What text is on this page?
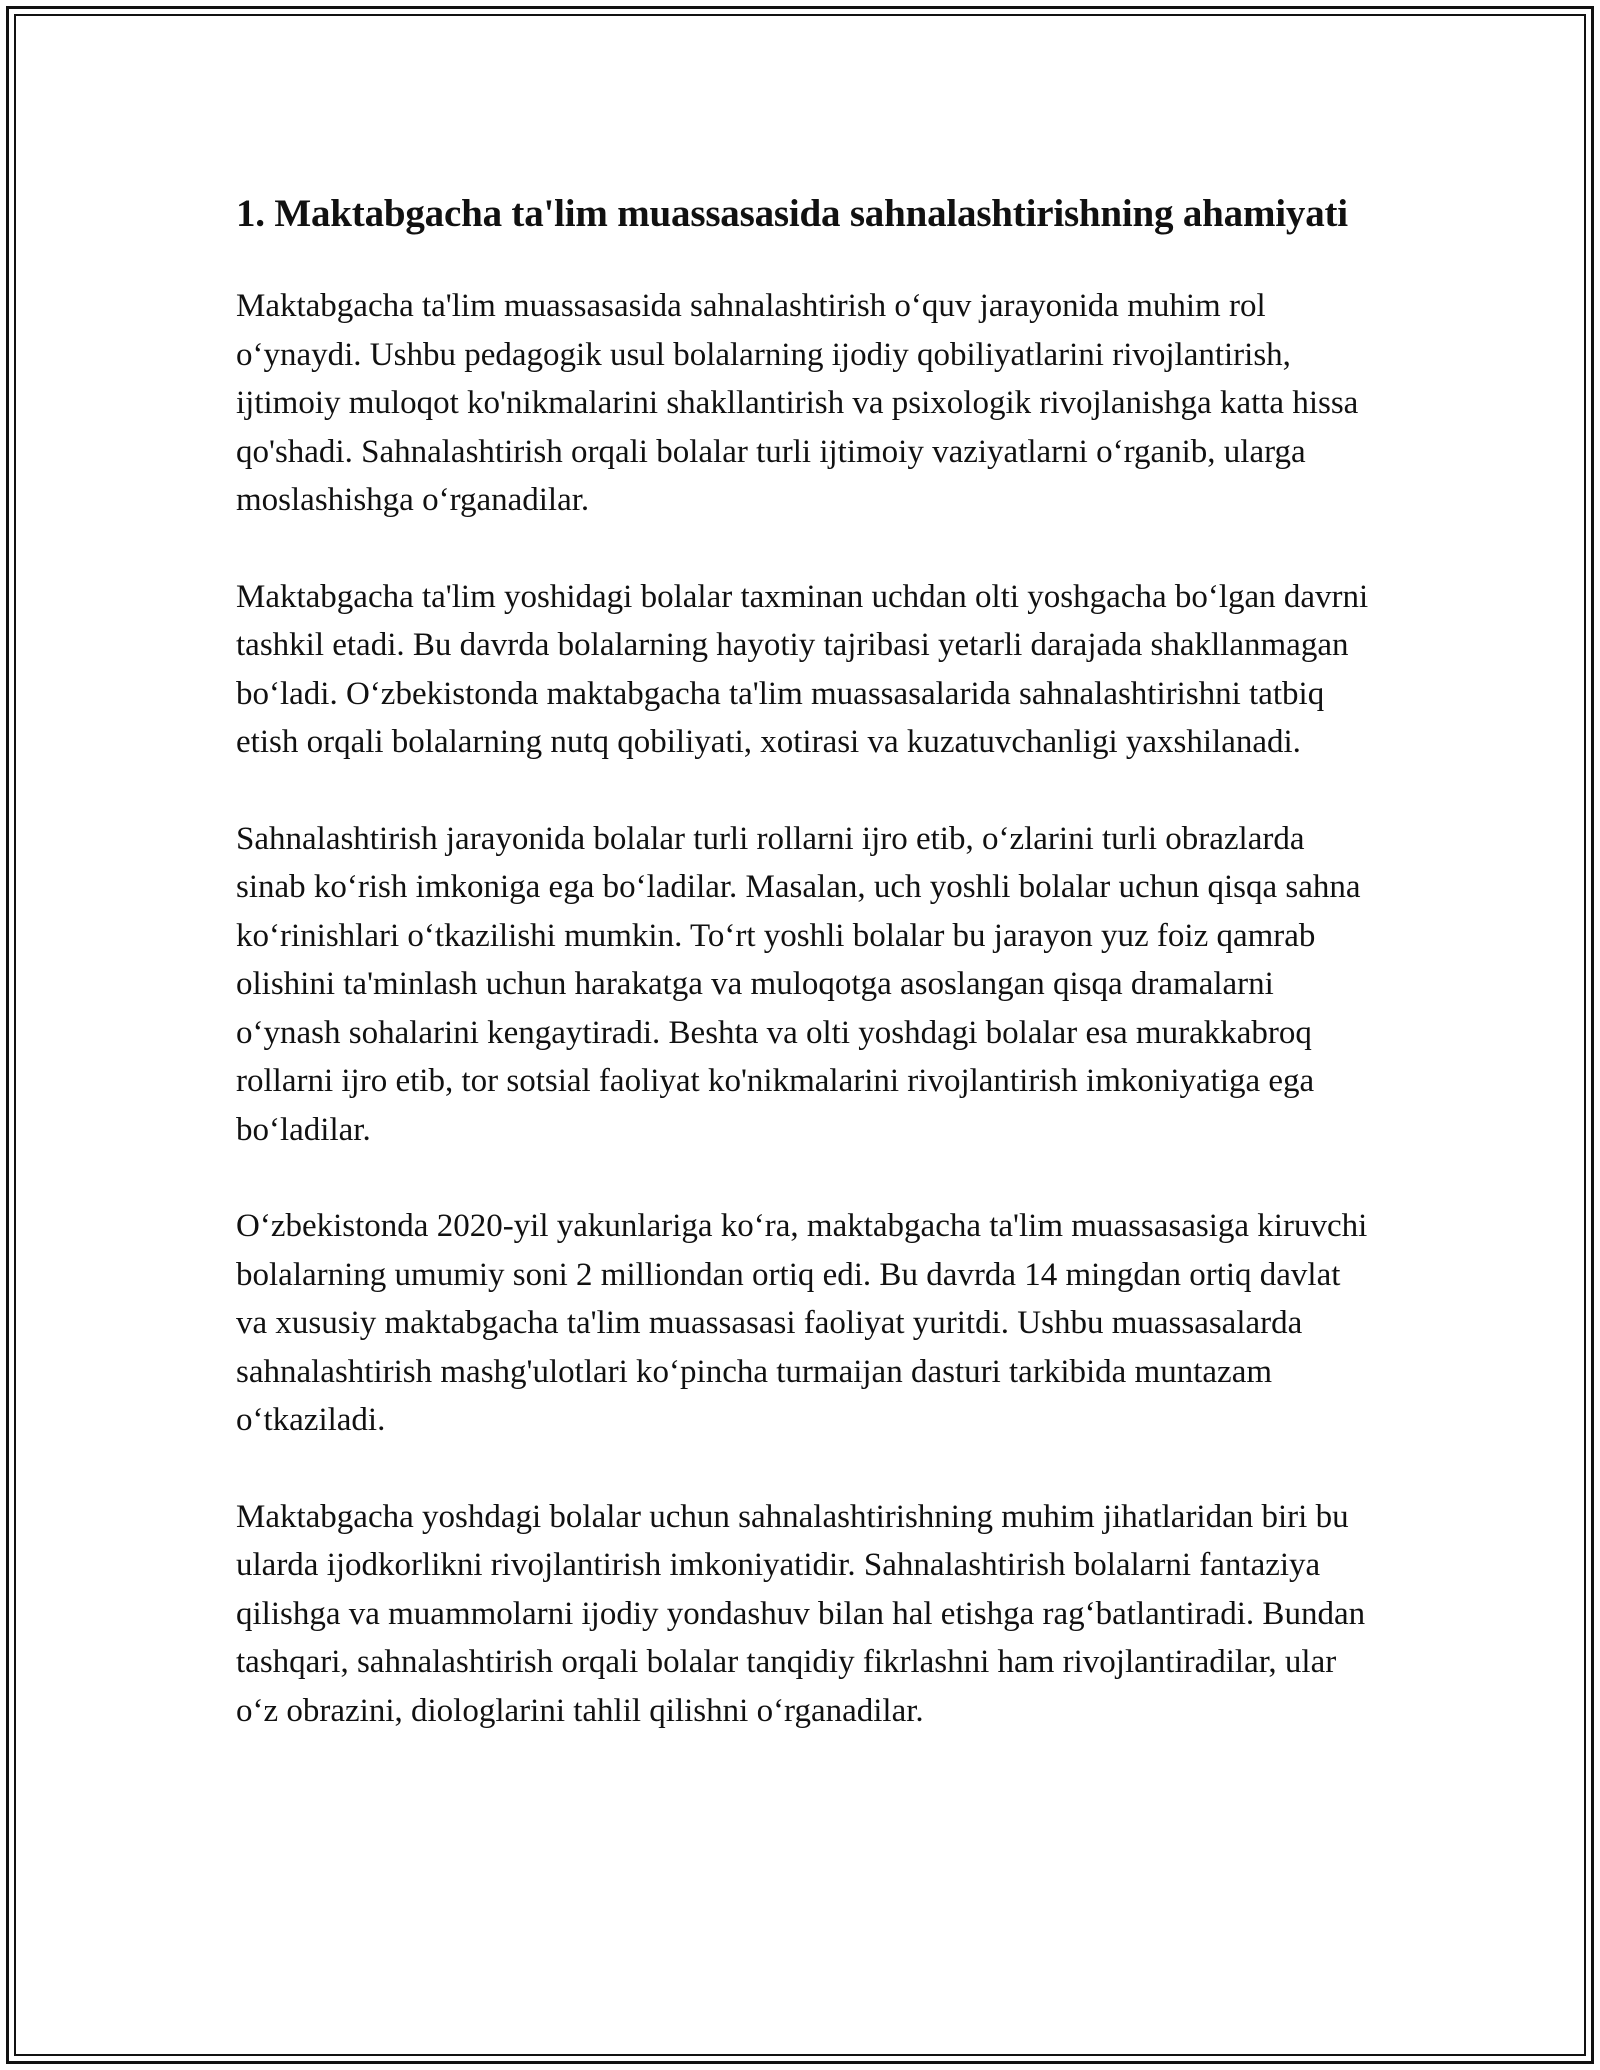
1. Maktabgacha ta'lim muassasasida sahnalashtirishning ahamiyati

Maktabgacha ta'lim muassasasida sahnalashtirish o‘quv jarayonida muhim rol o‘ynaydi. Ushbu pedagogik usul bolalarning ijodiy qobiliyatlarini rivojlantirish, ijtimoiy muloqot ko'nikmalarini shakllantirish va psixologik rivojlanishga katta hissa qo'shadi. Sahnalashtirish orqali bolalar turli ijtimoiy vaziyatlarni o‘rganib, ularga moslashishga o‘rganadilar.

Maktabgacha ta'lim yoshidagi bolalar taxminan uchdan olti yoshgacha bo‘lgan davrni tashkil etadi. Bu davrda bolalarning hayotiy tajribasi yetarli darajada shakllanmagan bo‘ladi. O‘zbekistonda maktabgacha ta'lim muassasalarida sahnalashtirishni tatbiq etish orqali bolalarning nutq qobiliyati, xotirasi va kuzatuvchanligi yaxshilanadi.

Sahnalashtirish jarayonida bolalar turli rollarni ijro etib, o‘zlarini turli obrazlarda sinab ko‘rish imkoniga ega bo‘ladilar. Masalan, uch yoshli bolalar uchun qisqa sahna ko‘rinishlari o‘tkazilishi mumkin. To‘rt yoshli bolalar bu jarayon yuz foiz qamrab olishini ta'minlash uchun harakatga va muloqotga asoslangan qisqa dramalarni o‘ynash sohalarini kengaytiradi. Beshta va olti yoshdagi bolalar esa murakkabroq rollarni ijro etib, tor sotsial faoliyat ko'nikmalarini rivojlantirish imkoniyatiga ega bo‘ladilar.

O‘zbekistonda 2020-yil yakunlariga ko‘ra, maktabgacha ta'lim muassasasiga kiruvchi bolalarning umumiy soni 2 milliondan ortiq edi. Bu davrda 14 mingdan ortiq davlat va xususiy maktabgacha ta'lim muassasasi faoliyat yuritdi. Ushbu muassasalarda sahnalashtirish mashg'ulotlari ko‘pincha turmaijan dasturi tarkibida muntazam o‘tkaziladi.

Maktabgacha yoshdagi bolalar uchun sahnalashtirishning muhim jihatlaridan biri bu ularda ijodkorlikni rivojlantirish imkoniyatidir. Sahnalashtirish bolalarni fantaziya qilishga va muammolarni ijodiy yondashuv bilan hal etishga rag‘batlantiradi. Bundan tashqari, sahnalashtirish orqali bolalar tanqidiy fikrlashni ham rivojlantiradilar, ular o‘z obrazini, diologlarini tahlil qilishni o‘rganadilar.
